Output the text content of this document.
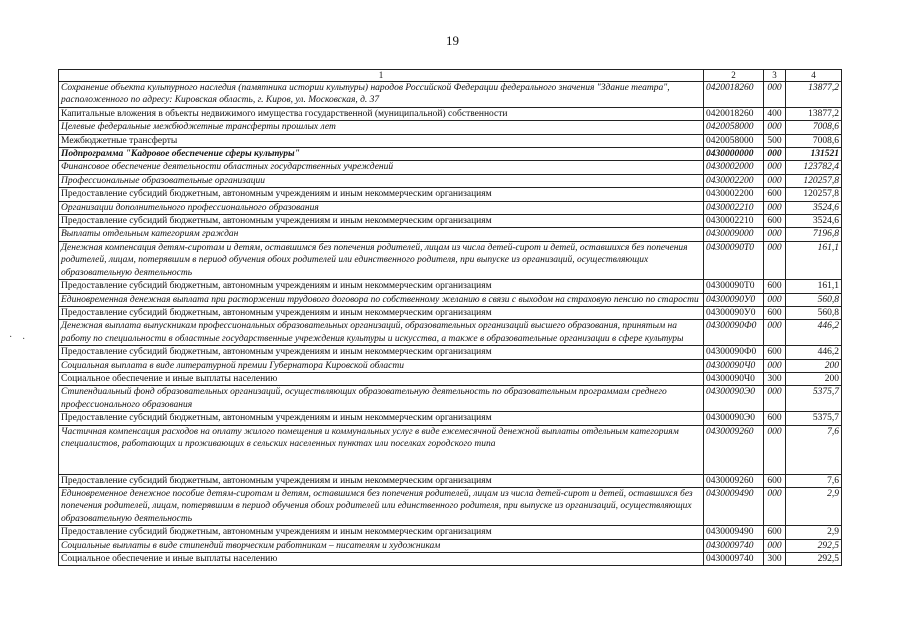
19
1	2	3	4
Сохранение объекта культурного наследия (памятника истории культуры) народов Российской Федерации федерального значения "Здание театра", расположенного по адресу: Кировская область, г. Киров, ул. Московская, д. 37	0420018260	000	13877,2
Капитальные вложения в объекты недвижимого имущества государственной (муниципальной) собственности	0420018260	400	13877,2
Целевые федеральные межбюджетные трансферты прошлых лет	0420058000	000	7008,6
Межбюджетные трансферты	0420058000	500	7008,6
Подпрограмма "Кадровое обеспечение сферы культуры"	0430000000	000	131521
Финансовое обеспечение деятельности областных государственных учреждений	0430002000	000	123782,4
Профессиональные образовательные организации	0430002200	000	120257,8
Предоставление субсидий бюджетным, автономным учреждениям и иным некоммерческим организациям	0430002200	600	120257,8
Организации дополнительного профессионального образования	0430002210	000	3524,6
Предоставление субсидий бюджетным, автономным учреждениям и иным некоммерческим организациям	0430002210	600	3524,6
Выплаты отдельным категориям граждан	0430009000	000	7196,8
Денежная компенсация детям-сиротам и детям, оставшимся без попечения родителей, лицам из числа детей-сирот и детей, оставшихся без попечения родителей, лицам, потерявшим в период обучения обоих родителей или единственного родителя, при выпуске из организаций, осуществляющих образовательную деятельность	04300090Т0	000	161,1
Предоставление субсидий бюджетным, автономным учреждениям и иным некоммерческим организациям	04300090Т0	600	161,1
Единовременная денежная выплата при расторжении трудового договора по собственному желанию в связи с выходом на страховую пенсию по старости	04300090У0	000	560,8
Предоставление субсидий бюджетным, автономным учреждениям и иным некоммерческим организациям	04300090У0	600	560,8
Денежная выплата выпускникам профессиональных образовательных организаций, образовательных организаций высшего образования, принятым на работу по специальности в областные государственные учреждения культуры и искусства, а также в образовательные организации в сфере культуры	04300090Ф0	000	446,2
Предоставление субсидий бюджетным, автономным учреждениям и иным некоммерческим организациям	04300090Ф0	600	446,2
Социальная выплата в виде литературной премии Губернатора Кировской области	04300090Ч0	000	200
Социальное обеспечение и иные выплаты населению	04300090Ч0	300	200
Стипендиальный фонд образовательных организаций, осуществляющих образовательную деятельность по образовательным программам среднего профессионального образования	04300090Э0	000	5375,7
Предоставление субсидий бюджетным, автономным учреждениям и иным некоммерческим организациям	04300090Э0	600	5375,7
Частичная компенсация расходов на оплату жилого помещения и коммунальных услуг в виде ежемесячной денежной выплаты отдельным категориям специалистов, работающих и проживающих в сельских населенных пунктах или поселках городского типа	0430009260	000	7,6
Предоставление субсидий бюджетным, автономным учреждениям и иным некоммерческим организациям	0430009260	600	7,6
Единовременное денежное пособие детям-сиротам и детям, оставшимся без попечения родителей, лицам из числа детей-сирот и детей, оставшихся без попечения родителей, лицам, потерявшим в период обучения обоих родителей или единственного родителя, при выпуске из организаций, осуществляющих образовательную деятельность	0430009490	000	2,9
Предоставление субсидий бюджетным, автономным учреждениям и иным некоммерческим организациям	0430009490	600	2,9
Социальные выплаты в виде стипендий творческим работникам – писателям и художникам	0430009740	000	292,5
Социальное обеспечение и иные выплаты населению	0430009740	300	292,5
· ·
